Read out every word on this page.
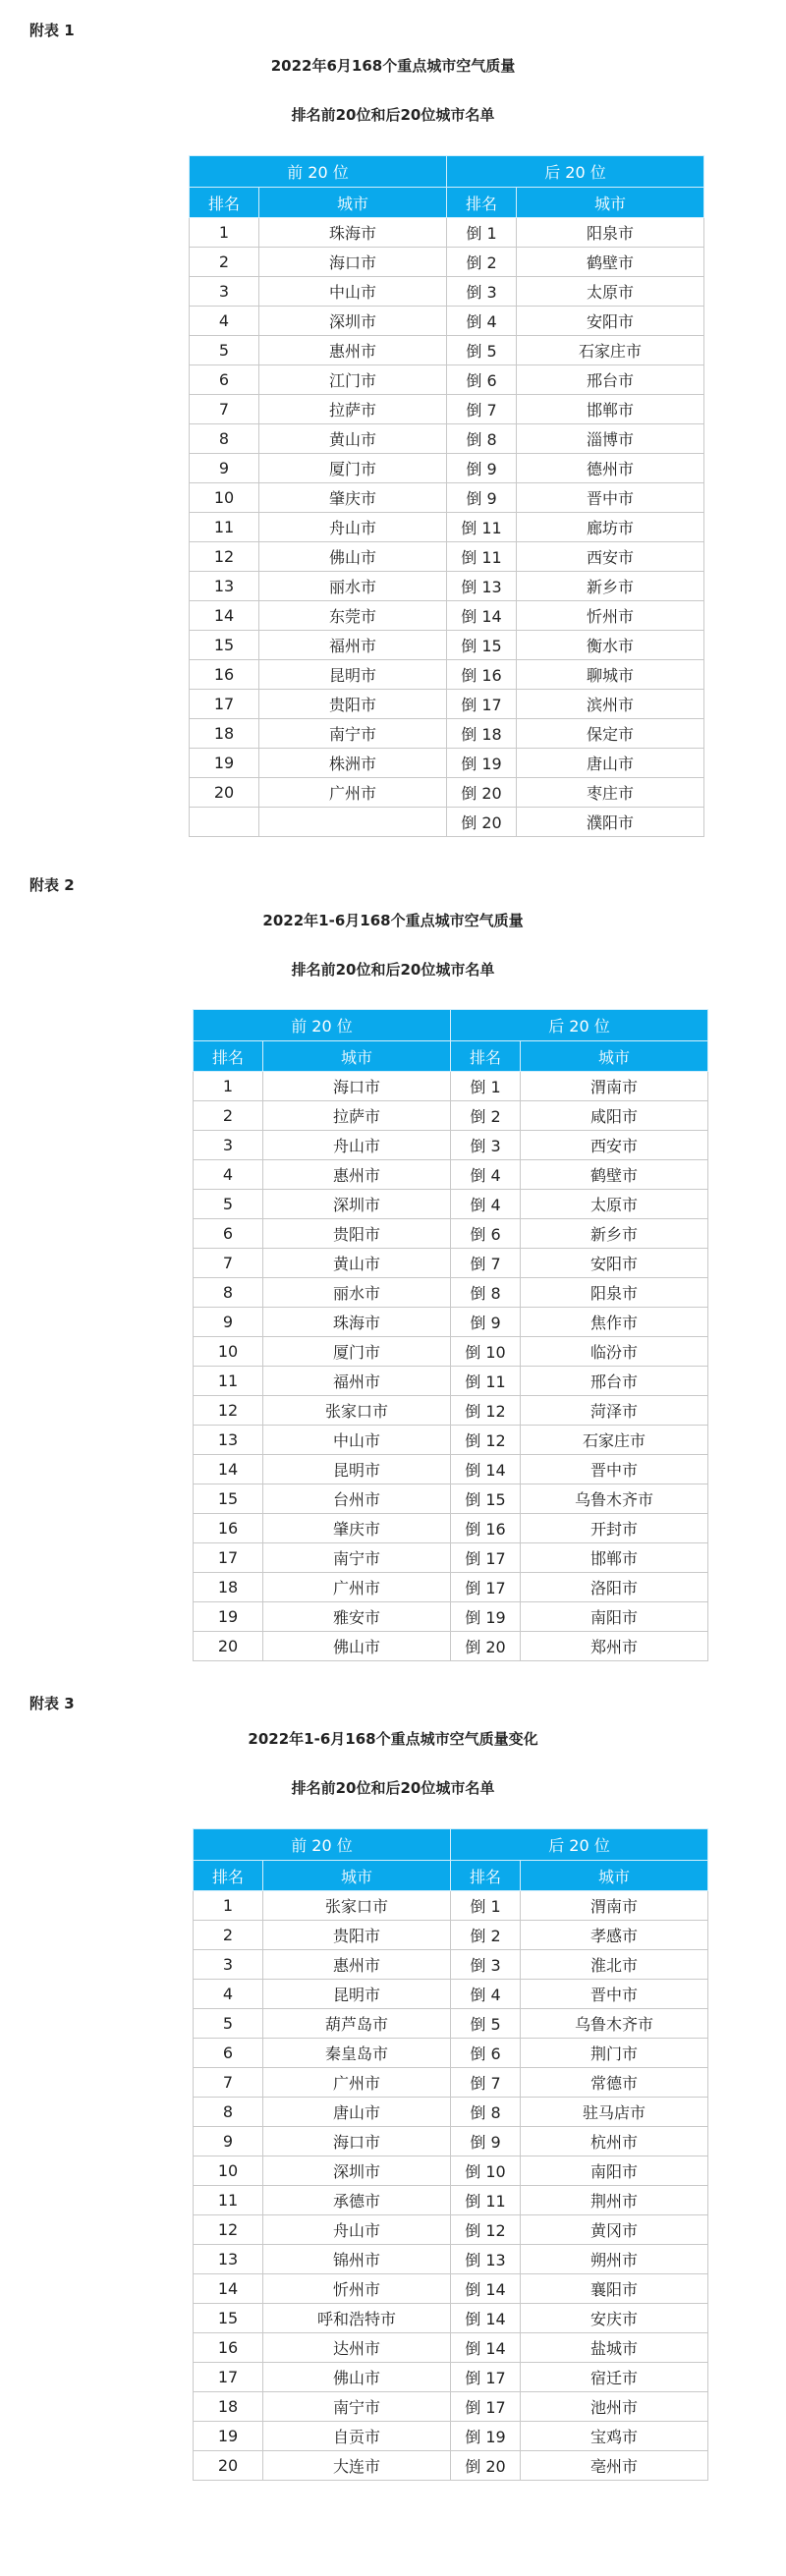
附表 1
2022年6月168个重点城市空气质量
排名前20位和后20位城市名单
前 20 位		后 20 位	
排名	城市	排名	城市
1	珠海市	倒 1	阳泉市
2	海口市	倒 2	鹤壁市
3	中山市	倒 3	太原市
4	深圳市	倒 4	安阳市
5	惠州市	倒 5	石家庄市
6	江门市	倒 6	邢台市
7	拉萨市	倒 7	邯郸市
8	黄山市	倒 8	淄博市
9	厦门市	倒 9	德州市
10	肇庆市	倒 9	晋中市
11	舟山市	倒 11	廊坊市
12	佛山市	倒 11	西安市
13	丽水市	倒 13	新乡市
14	东莞市	倒 14	忻州市
15	福州市	倒 15	衡水市
16	昆明市	倒 16	聊城市
17	贵阳市	倒 17	滨州市
18	南宁市	倒 18	保定市
19	株洲市	倒 19	唐山市
20	广州市	倒 20	枣庄市
		倒 20	濮阳市
附表 2
2022年1-6月168个重点城市空气质量
排名前20位和后20位城市名单
前 20 位		后 20 位	
排名	城市	排名	城市
1	海口市	倒 1	渭南市
2	拉萨市	倒 2	咸阳市
3	舟山市	倒 3	西安市
4	惠州市	倒 4	鹤壁市
5	深圳市	倒 4	太原市
6	贵阳市	倒 6	新乡市
7	黄山市	倒 7	安阳市
8	丽水市	倒 8	阳泉市
9	珠海市	倒 9	焦作市
10	厦门市	倒 10	临汾市
11	福州市	倒 11	邢台市
12	张家口市	倒 12	菏泽市
13	中山市	倒 12	石家庄市
14	昆明市	倒 14	晋中市
15	台州市	倒 15	乌鲁木齐市
16	肇庆市	倒 16	开封市
17	南宁市	倒 17	邯郸市
18	广州市	倒 17	洛阳市
19	雅安市	倒 19	南阳市
20	佛山市	倒 20	郑州市
附表 3
2022年1-6月168个重点城市空气质量变化
排名前20位和后20位城市名单
前 20 位		后 20 位	
排名	城市	排名	城市
1	张家口市	倒 1	渭南市
2	贵阳市	倒 2	孝感市
3	惠州市	倒 3	淮北市
4	昆明市	倒 4	晋中市
5	葫芦岛市	倒 5	乌鲁木齐市
6	秦皇岛市	倒 6	荆门市
7	广州市	倒 7	常德市
8	唐山市	倒 8	驻马店市
9	海口市	倒 9	杭州市
10	深圳市	倒 10	南阳市
11	承德市	倒 11	荆州市
12	舟山市	倒 12	黄冈市
13	锦州市	倒 13	朔州市
14	忻州市	倒 14	襄阳市
15	呼和浩特市	倒 14	安庆市
16	达州市	倒 14	盐城市
17	佛山市	倒 17	宿迁市
18	南宁市	倒 17	池州市
19	自贡市	倒 19	宝鸡市
20	大连市	倒 20	亳州市
